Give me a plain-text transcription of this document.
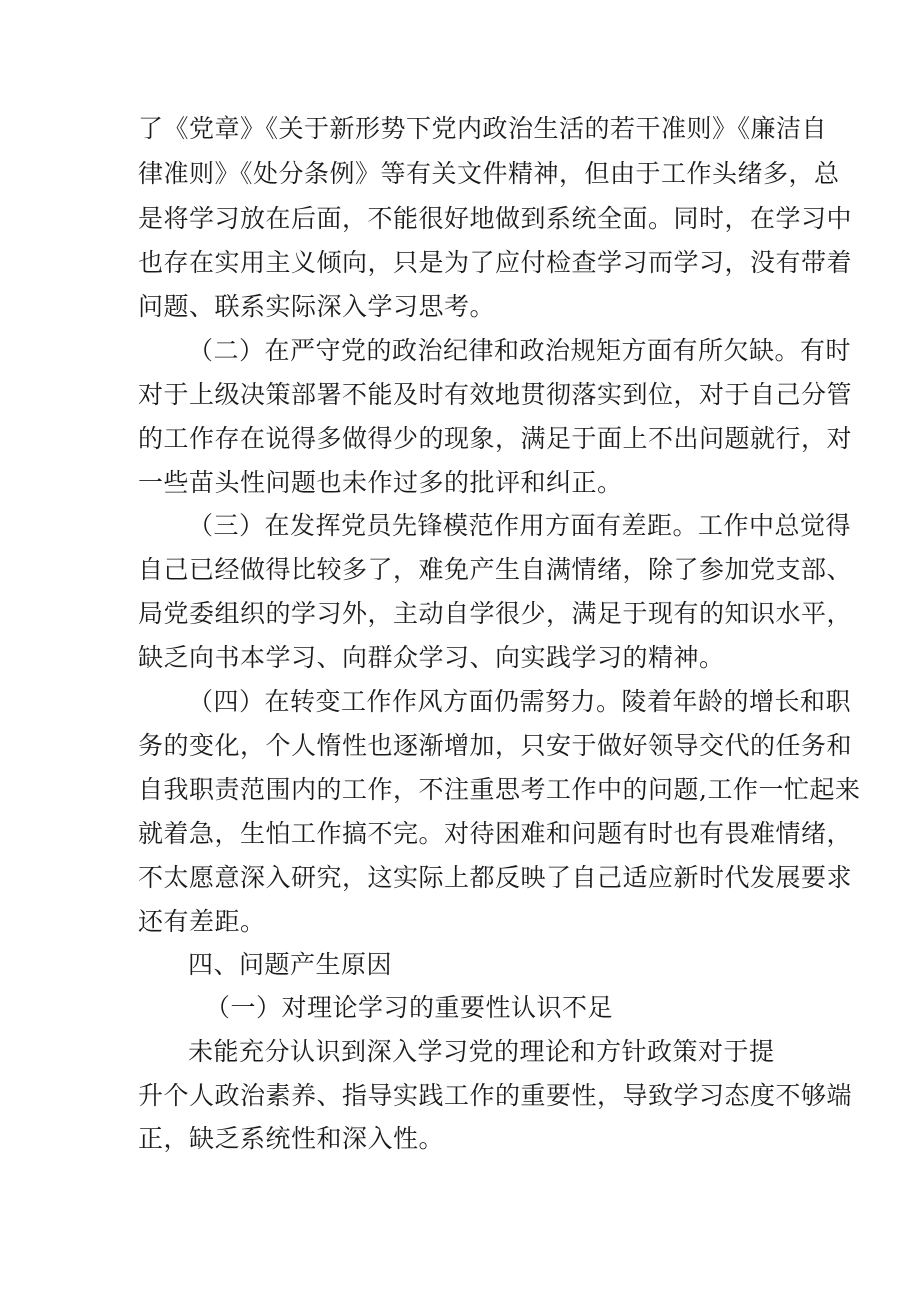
了《党章》《关于新形势下党内政治生活的若干准则》《廉洁自
律准则》《处分条例》等有关文件精神，但由于工作头绪多，总
是将学习放在后面，不能很好地做到系统全面。同时，在学习中
也存在实用主义倾向，只是为了应付检查学习而学习，没有带着
问题、联系实际深入学习思考。
（二）在严守党的政治纪律和政治规矩方面有所欠缺。有时
对于上级决策部署不能及时有效地贯彻落实到位，对于自己分管
的工作存在说得多做得少的现象，满足于面上不出问题就行，对
一些苗头性问题也未作过多的批评和纠正。
（三）在发挥党员先锋模范作用方面有差距。工作中总觉得
自己已经做得比较多了，难免产生自满情绪，除了参加党支部、
局党委组织的学习外，主动自学很少，满足于现有的知识水平，
缺乏向书本学习、向群众学习、向实践学习的精神。
（四）在转变工作作风方面仍需努力。陵着年龄的增长和职
务的变化，个人惰性也逐渐增加，只安于做好领导交代的任务和
自我职责范围内的工作，不注重思考工作中的问题,工作一忙起来
就着急，生怕工作搞不完。对待困难和问题有时也有畏难情绪，
不太愿意深入研究，这实际上都反映了自己适应新时代发展要求
还有差距。
四、问题产生原因
（一）对理论学习的重要性认识不足
未能充分认识到深入学习党的理论和方针政策对于提
升个人政治素养、指导实践工作的重要性，导致学习态度不够端
正，缺乏系统性和深入性。
